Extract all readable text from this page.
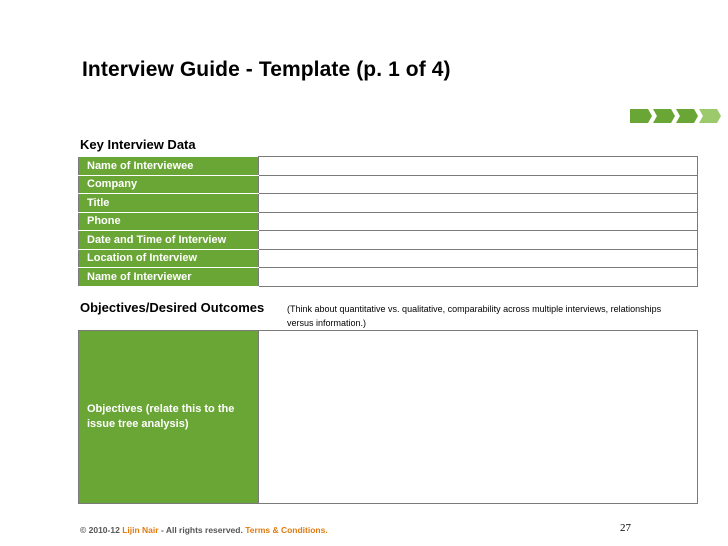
Interview Guide - Template (p. 1 of 4)
Key Interview Data
Name of Interviewee	
Company	
Title	
Phone	
Date and Time of Interview	
Location of Interview	
Name of Interviewer	
Objectives/Desired Outcomes	(Think about quantitative vs. qualitative, comparability across multiple interviews, relationships versus information.)
Objectives (relate this to the issue tree analysis)
© 2010-12 Lijin Nair - All rights reserved. Terms & Conditions.	27
